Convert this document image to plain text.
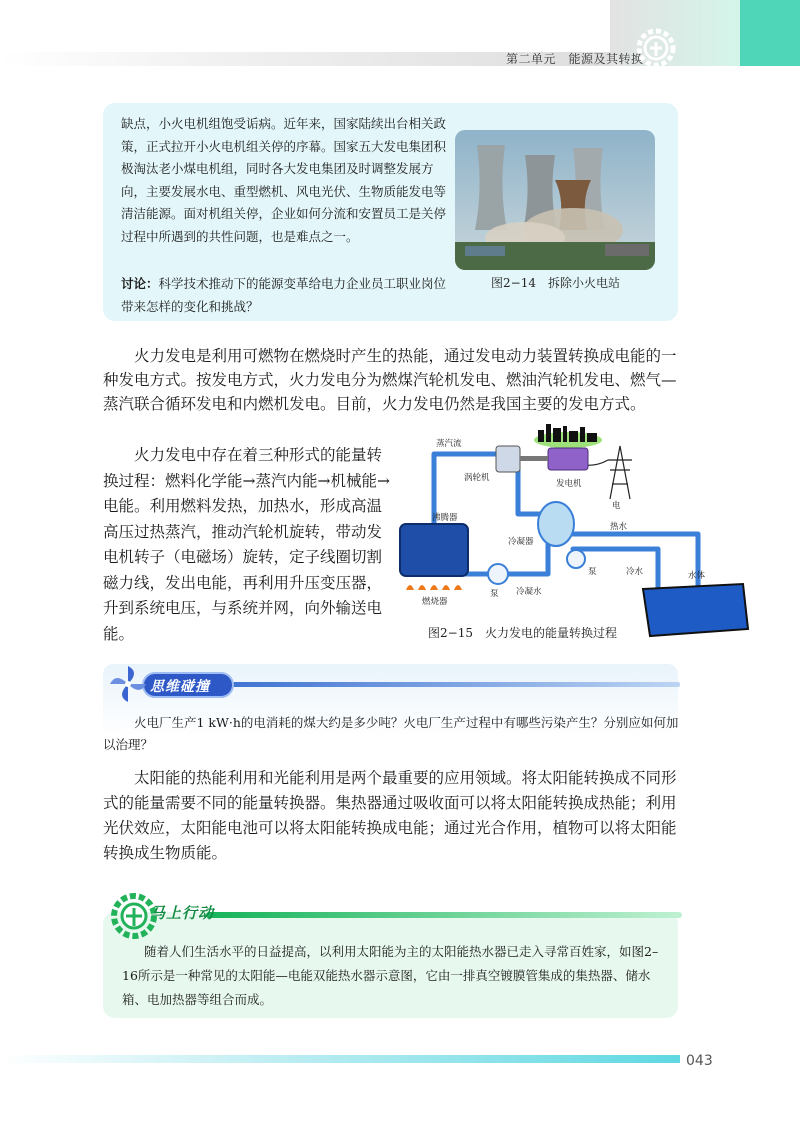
第二单元　能源及其转换
缺点，小火电机组饱受诟病。近年来，国家陆续出台相关政策，正式拉开小火电机组关停的序幕。国家五大发电集团积极淘汰老小煤电机组，同时各大发电集团及时调整发展方向，主要发展水电、重型燃机、风电光伏、生物质能发电等清洁能源。面对机组关停，企业如何分流和安置员工是关停过程中所遇到的共性问题，也是难点之一。
讨论：科学技术推动下的能源变革给电力企业员工职业岗位带来怎样的变化和挑战？
图2−14　拆除小火电站
火力发电是利用可燃物在燃烧时产生的热能，通过发电动力装置转换成电能的一种发电方式。按发电方式，火力发电分为燃煤汽轮机发电、燃油汽轮机发电、燃气—蒸汽联合循环发电和内燃机发电。目前，火力发电仍然是我国主要的发电方式。
火力发电中存在着三种形式的能量转换过程：燃料化学能→蒸汽内能→机械能→电能。利用燃料发热，加热水，形成高温高压过热蒸汽，推动汽轮机旋转，带动发电机转子（电磁场）旋转，定子线圈切割磁力线，发出电能，再利用升压变压器，升到系统电压，与系统并网，向外输送电能。
蒸汽流
涡轮机
发电机
电
沸腾器
冷凝器
热水
冷水	水体
泵
泵
冷凝水
燃烧器
图2−15　火力发电的能量转换过程
思维碰撞
火电厂生产1 kW·h的电消耗的煤大约是多少吨？火电厂生产过程中有哪些污染产生？分别应如何加以治理？
太阳能的热能利用和光能利用是两个最重要的应用领域。将太阳能转换成不同形式的能量需要不同的能量转换器。集热器通过吸收面可以将太阳能转换成热能；利用光伏效应，太阳能电池可以将太阳能转换成电能；通过光合作用，植物可以将太阳能转换成生物质能。
马上行动
随着人们生活水平的日益提高，以利用太阳能为主的太阳能热水器已走入寻常百姓家，如图2–16所示是一种常见的太阳能—电能双能热水器示意图，它由一排真空镀膜管集成的集热器、储水箱、电加热器等组合而成。
043
